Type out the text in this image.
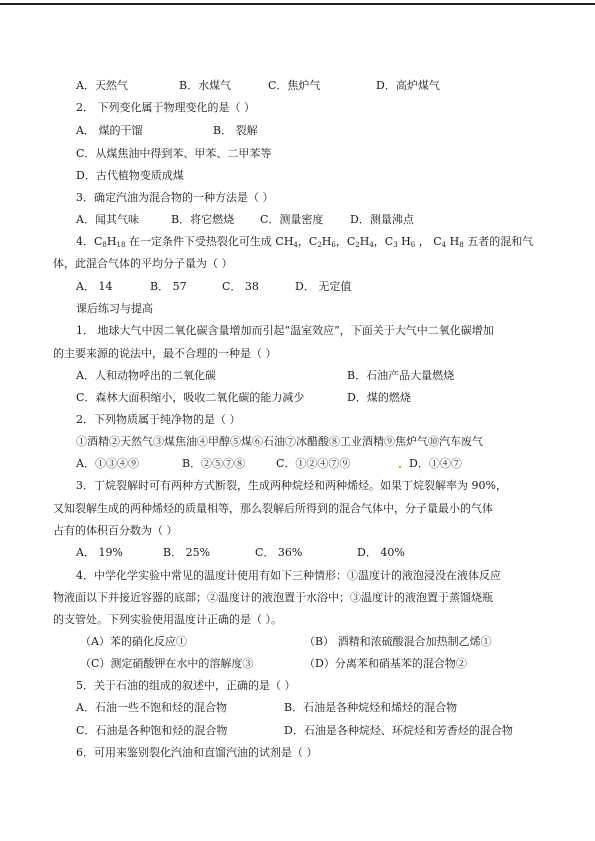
A．天然气	B．水煤气	C．焦炉气	D．高炉煤气
2． 下列变化属于物理变化的是（ ）
A． 煤的干馏	B． 裂解
C．从煤焦油中得到苯、甲苯、二甲苯等
D．古代植物变质成煤
3．确定汽油为混合物的一种方法是（ ）
A．闻其气味	B．将它燃烧 C．测量密度 D．测量沸点
4．$C_8H_{18}$ 在一定条件下受热裂化可生成 $CH_4$，$C_2H_6$，$C_2H_4$，$C_3$ $H_6$ ， $C_4$ $H_8$ 五者的混和气
体，此混合气体的平均分子量为（ ）
A． 14	B． 57	C． 38	D． 无定值
课后练习与提高
1． 地球大气中因二氧化碳含量增加而引起“温室效应”，下面关于大气中二氧化碳增加
的主要来源的说法中，最不合理的一种是（ ）
A．人和动物呼出的二氧化碳	B．石油产品大量燃烧
C．森林大面积缩小，吸收二氧化碳的能力减少	D．煤的燃烧
2．下列物质属于纯净物的是（ ）
①酒精②天然气③煤焦油④甲醇⑤煤⑥石油⑦冰醋酸⑧工业酒精⑨焦炉气⑩汽车废气
A．①③④⑨	B．②⑤⑦⑧	C．①②④⑦⑨	D．①④⑦
3．丁烷裂解时可有两种方式断裂，生成两种烷烃和两种烯烃。如果丁烷裂解率为 90%，
又知裂解生成的两种烯烃的质量相等，那么裂解后所得到的混合气体中，分子量最小的气体
占有的体积百分数为（ ）
A． 19%	B． 25%	C． 36%	D． 40%
4．中学化学实验中常见的温度计使用有如下三种情形：①温度计的液泡浸没在液体反应
物液面以下并接近容器的底部；②温度计的液泡置于水浴中；③温度计的液泡置于蒸馏烧瓶
的支管处。下列实验使用温度计正确的是（ ）。
（A）苯的硝化反应①	（B） 酒精和浓硫酸混合加热制乙烯①
（C）测定硝酸钾在水中的溶解度③	（D）分离苯和硝基苯的混合物②
5．关于石油的组成的叙述中，正确的是（ ）
A．石油一些不饱和烃的混合物	B．石油是各种烷烃和烯烃的混合物
C．石油是各种饱和烃的混合物	D．石油是各种烷烃、环烷烃和芳香烃的混合物
6．可用来鉴别裂化汽油和直馏汽油的试剂是（ ）
